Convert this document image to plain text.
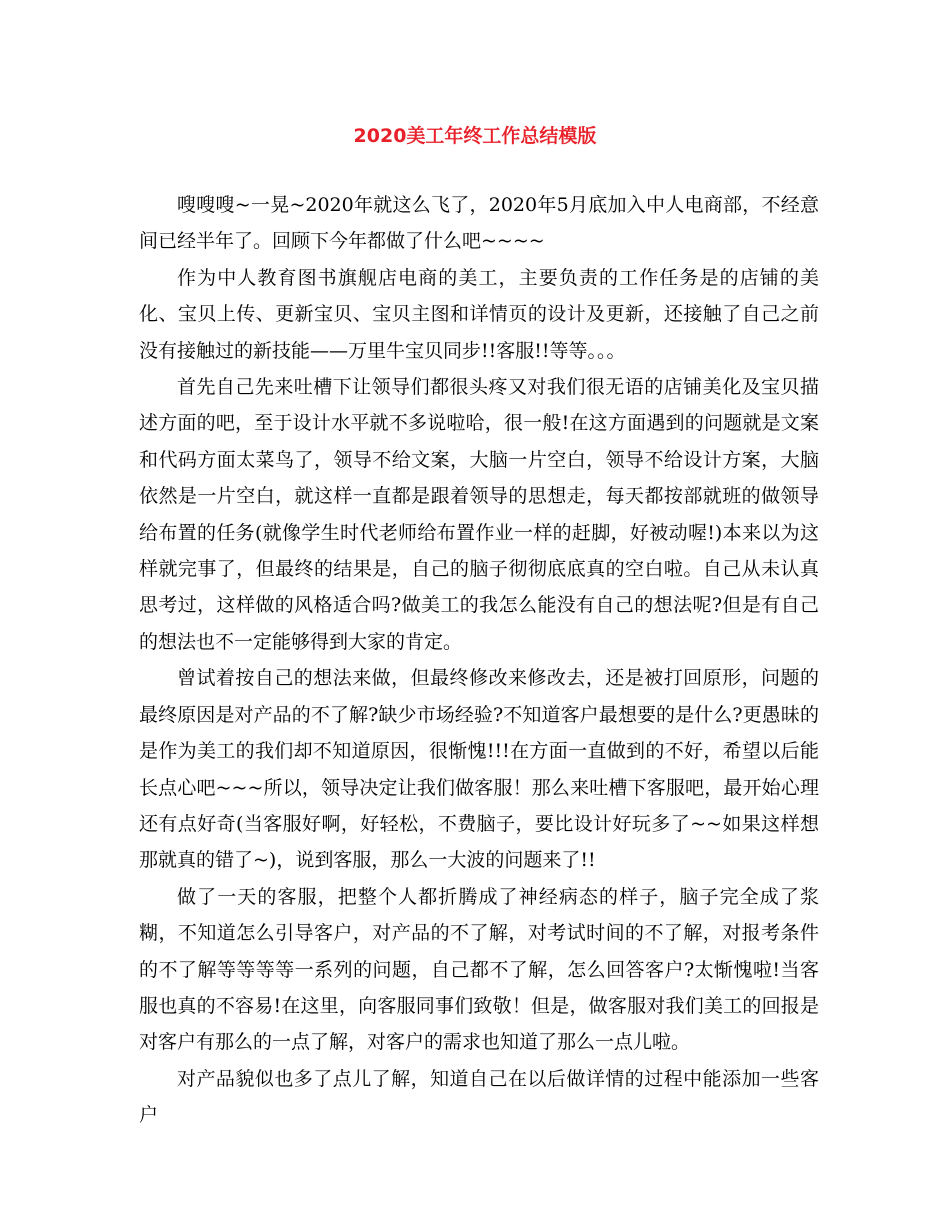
2020美工年终工作总结模版

嗖嗖嗖~一晃~2020年就这么飞了，2020年5月底加入中人电商部，不经意间已经半年了。回顾下今年都做了什么吧~~~~

作为中人教育图书旗舰店电商的美工，主要负责的工作任务是的店铺的美化、宝贝上传、更新宝贝、宝贝主图和详情页的设计及更新，还接触了自己之前没有接触过的新技能——万里牛宝贝同步!!客服!!等等。。。

首先自己先来吐槽下让领导们都很头疼又对我们很无语的店铺美化及宝贝描述方面的吧，至于设计水平就不多说啦哈，很一般!在这方面遇到的问题就是文案和代码方面太菜鸟了，领导不给文案，大脑一片空白，领导不给设计方案，大脑依然是一片空白，就这样一直都是跟着领导的思想走，每天都按部就班的做领导给布置的任务(就像学生时代老师给布置作业一样的赶脚，好被动喔!)本来以为这样就完事了，但最终的结果是，自己的脑子彻彻底底真的空白啦。自己从未认真思考过，这样做的风格适合吗?做美工的我怎么能没有自己的想法呢?但是有自己的想法也不一定能够得到大家的肯定。

曾试着按自己的想法来做，但最终修改来修改去，还是被打回原形，问题的最终原因是对产品的不了解?缺少市场经验?不知道客户最想要的是什么?更愚昧的是作为美工的我们却不知道原因，很惭愧!!!在方面一直做到的不好，希望以后能长点心吧~~~所以，领导决定让我们做客服！那么来吐槽下客服吧，最开始心理还有点好奇(当客服好啊，好轻松，不费脑子，要比设计好玩多了~~如果这样想那就真的错了~)，说到客服，那么一大波的问题来了!!

做了一天的客服，把整个人都折腾成了神经病态的样子，脑子完全成了浆糊，不知道怎么引导客户，对产品的不了解，对考试时间的不了解，对报考条件的不了解等等等等一系列的问题，自己都不了解，怎么回答客户?太惭愧啦!当客服也真的不容易!在这里，向客服同事们致敬！但是，做客服对我们美工的回报是对客户有那么的一点了解，对客户的需求也知道了那么一点儿啦。

对产品貌似也多了点儿了解，知道自己在以后做详情的过程中能添加一些客户
